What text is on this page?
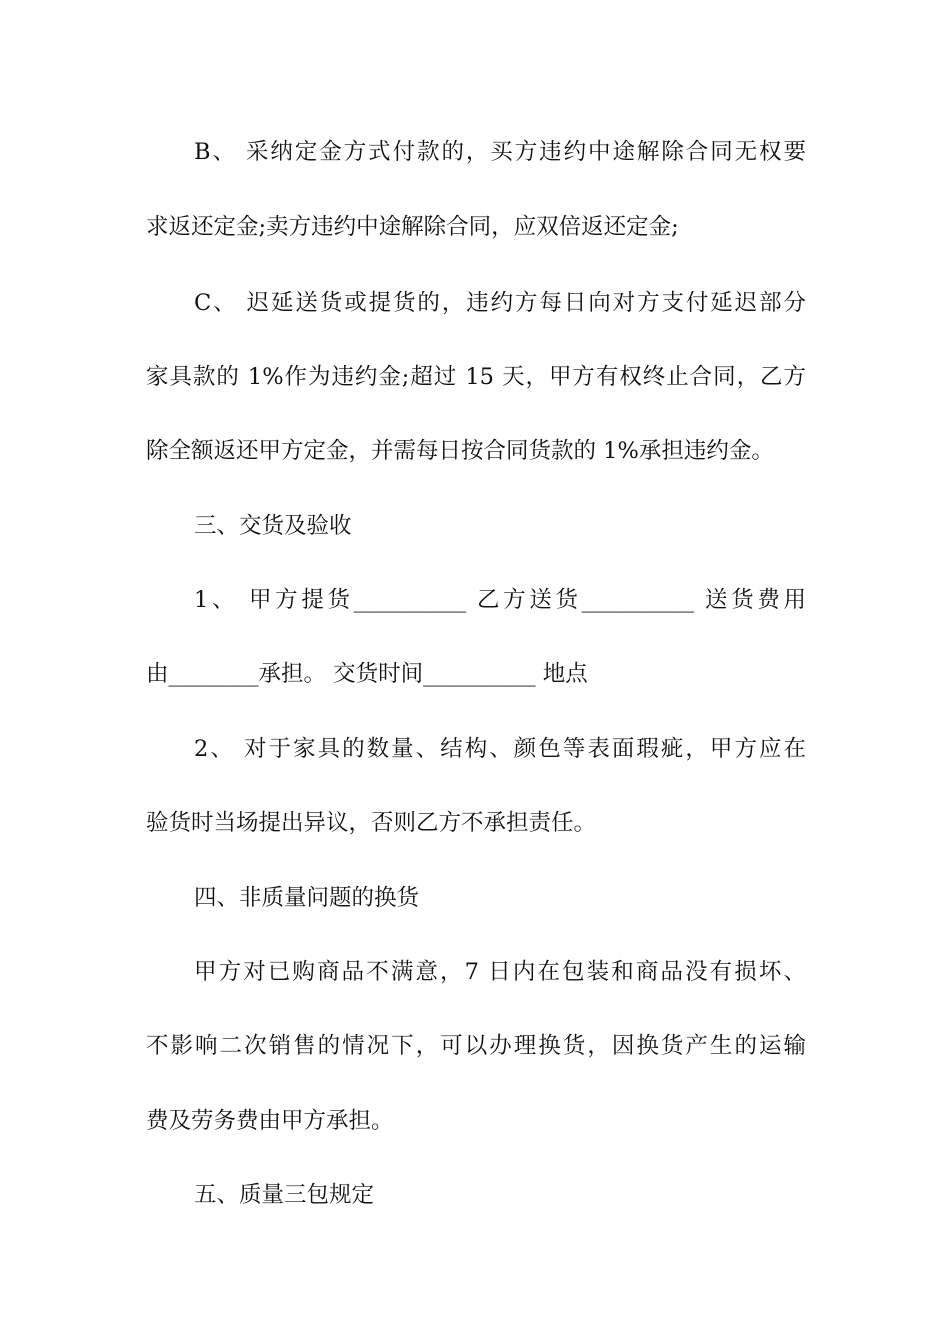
B、 采纳定金方式付款的，买方违约中途解除合同无权要
求返还定金;卖方违约中途解除合同，应双倍返还定金;
C、 迟延送货或提货的，违约方每日向对方支付延迟部分
家具款的 1%作为违约金;超过 15 天，甲方有权终止合同，乙方
除全额返还甲方定金，并需每日按合同货款的 1%承担违约金。
三、交货及验收
1、 甲方提货__________ 乙方送货__________ 送货费用
由________承担。 交货时间__________ 地点
2、 对于家具的数量、结构、颜色等表面瑕疵，甲方应在
验货时当场提出异议，否则乙方不承担责任。
四、非质量问题的换货
甲方对已购商品不满意，7 日内在包装和商品没有损坏、
不影响二次销售的情况下，可以办理换货，因换货产生的运输
费及劳务费由甲方承担。
五、质量三包规定
